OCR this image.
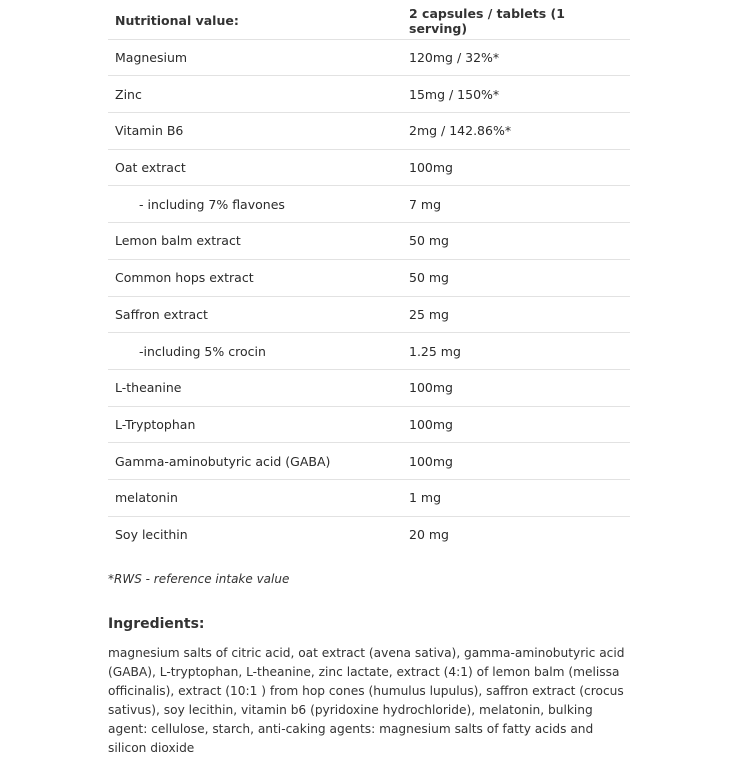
Nutritional value:	2 capsules / tablets (1 serving)
Magnesium	120mg / 32%*
Zinc	15mg / 150%*
Vitamin B6	2mg / 142.86%*
Oat extract	100mg
- including 7% flavones	7 mg
Lemon balm extract	50 mg
Common hops extract	50 mg
Saffron extract	25 mg
-including 5% crocin	1.25 mg
L-theanine	100mg
L-Tryptophan	100mg
Gamma-aminobutyric acid (GABA)	100mg
melatonin	1 mg
Soy lecithin	20 mg
*RWS - reference intake value
Ingredients:
magnesium salts of citric acid, oat extract (avena sativa), gamma-aminobutyric acid (GABA), L-tryptophan, L-theanine, zinc lactate, extract (4:1) of lemon balm (melissa officinalis), extract (10:1 ) from hop cones (humulus lupulus), saffron extract (crocus sativus), soy lecithin, vitamin b6 (pyridoxine hydrochloride), melatonin, bulking agent: cellulose, starch, anti-caking agents: magnesium salts of fatty acids and silicon dioxide
